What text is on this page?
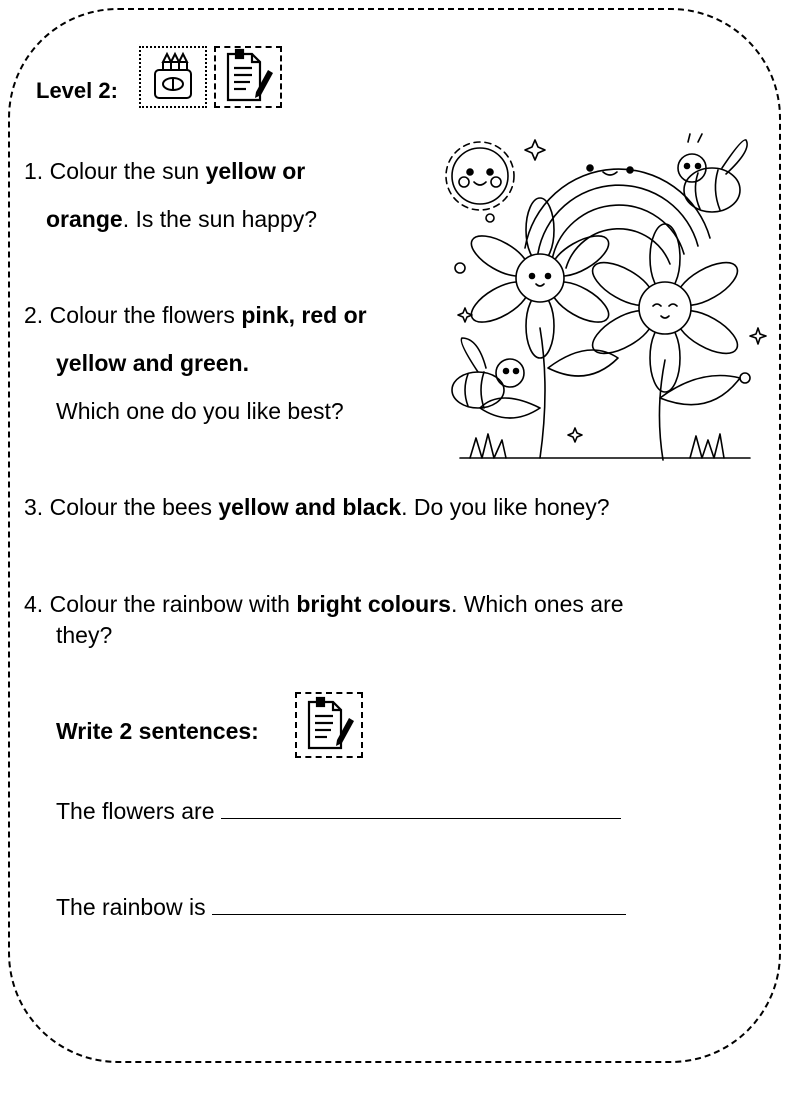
Level 2:
1. Colour the sun yellow or
orange. Is the sun happy?
2. Colour the flowers pink, red or
yellow and green.
Which one do you like best?
3. Colour the bees yellow and black. Do you like honey?
4. Colour the rainbow with bright colours. Which ones are
they?
Write 2 sentences:
The flowers are
The rainbow is
